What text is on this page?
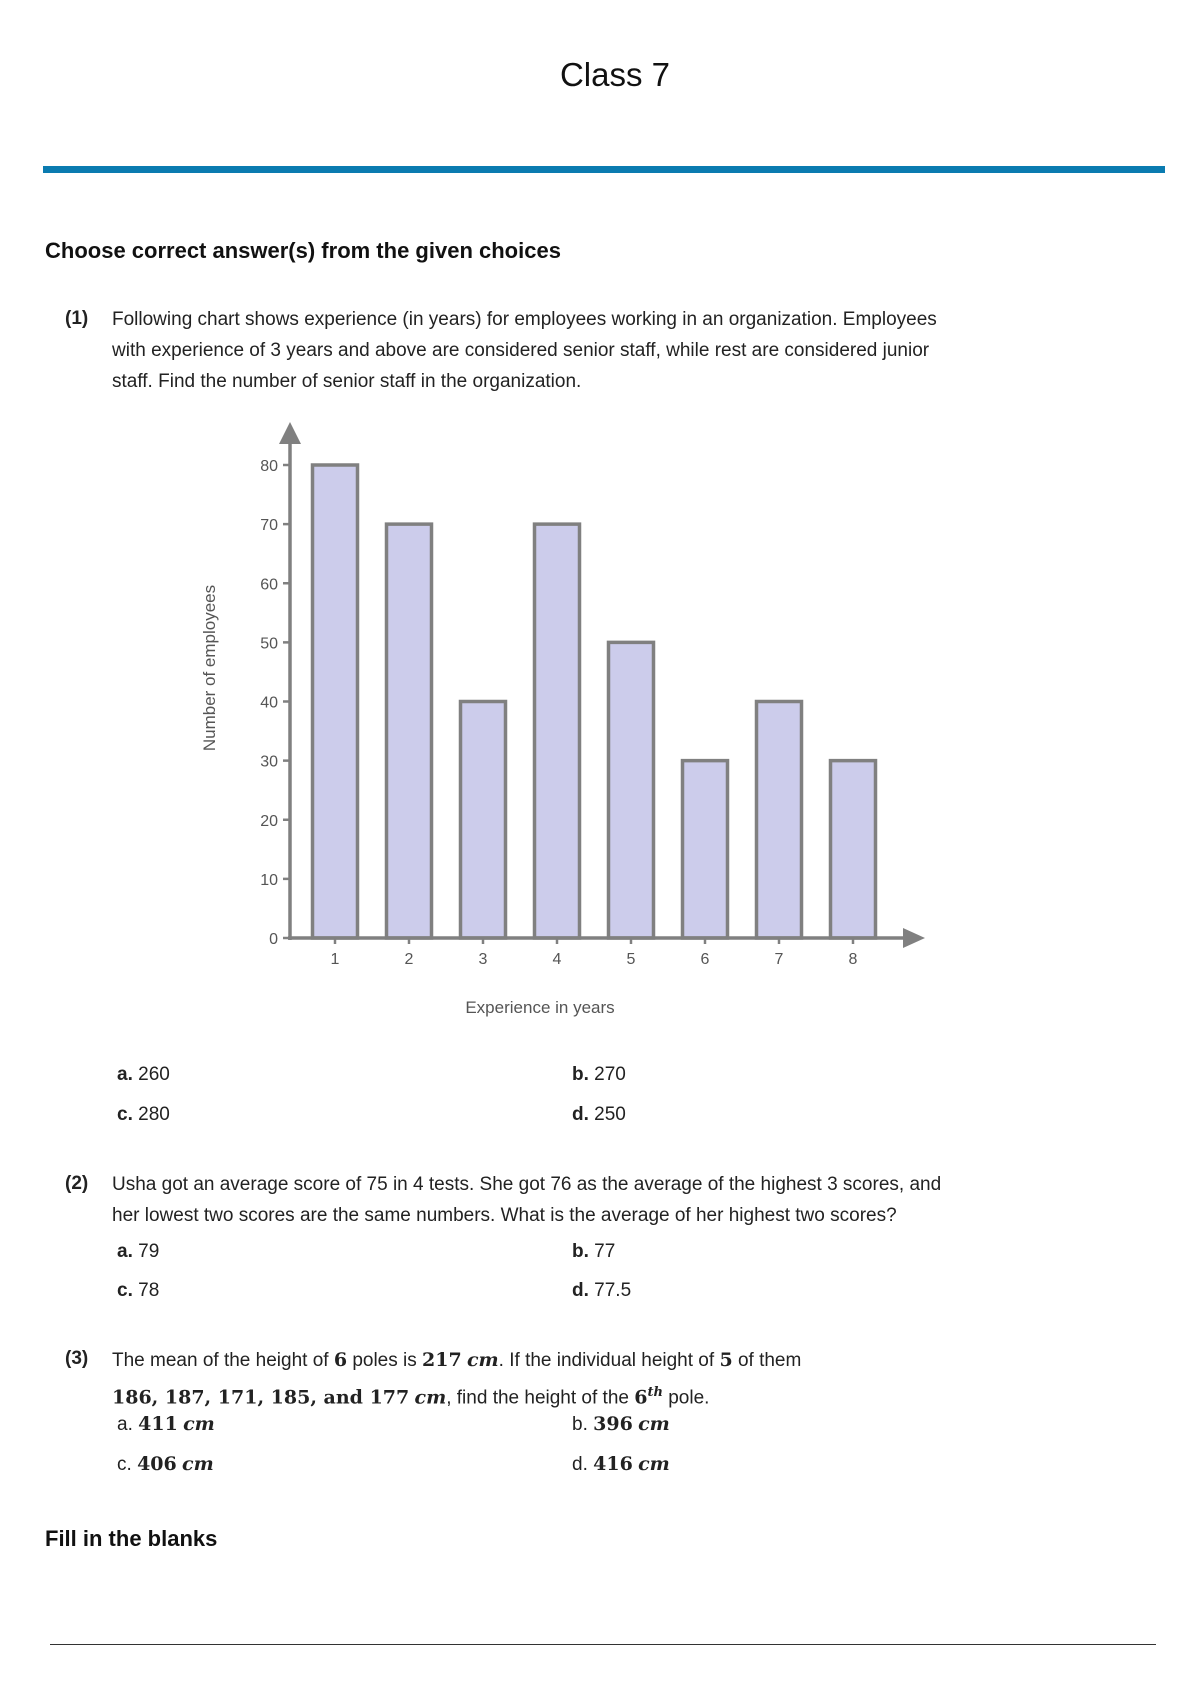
Class 7
Choose correct answer(s) from the given choices
(1) Following chart shows experience (in years) for employees working in an organization. Employees
with experience of 3 years and above are considered senior staff, while rest are considered junior
staff. Find the number of senior staff in the organization.
0
10
20
30
40
50
60
70
80
1	2	3	4	5	6	7	8
Experience in years
Number of employees
a. 260	b. 270
c. 280	d. 250
(2) Usha got an average score of 75 in 4 tests. She got 76 as the average of the highest 3 scores, and
her lowest two scores are the same numbers. What is the average of her highest two scores?
a. 79	b. 77
c. 78	d. 77.5
(3) The mean of the height of 6 poles is 217 cm. If the individual height of 5 of them
186, 187, 171, 185, and 177 cm, find the height of the 6th pole.
a. 411 cm	b. 396 cm
c. 406 cm	d. 416 cm
Fill in the blanks
